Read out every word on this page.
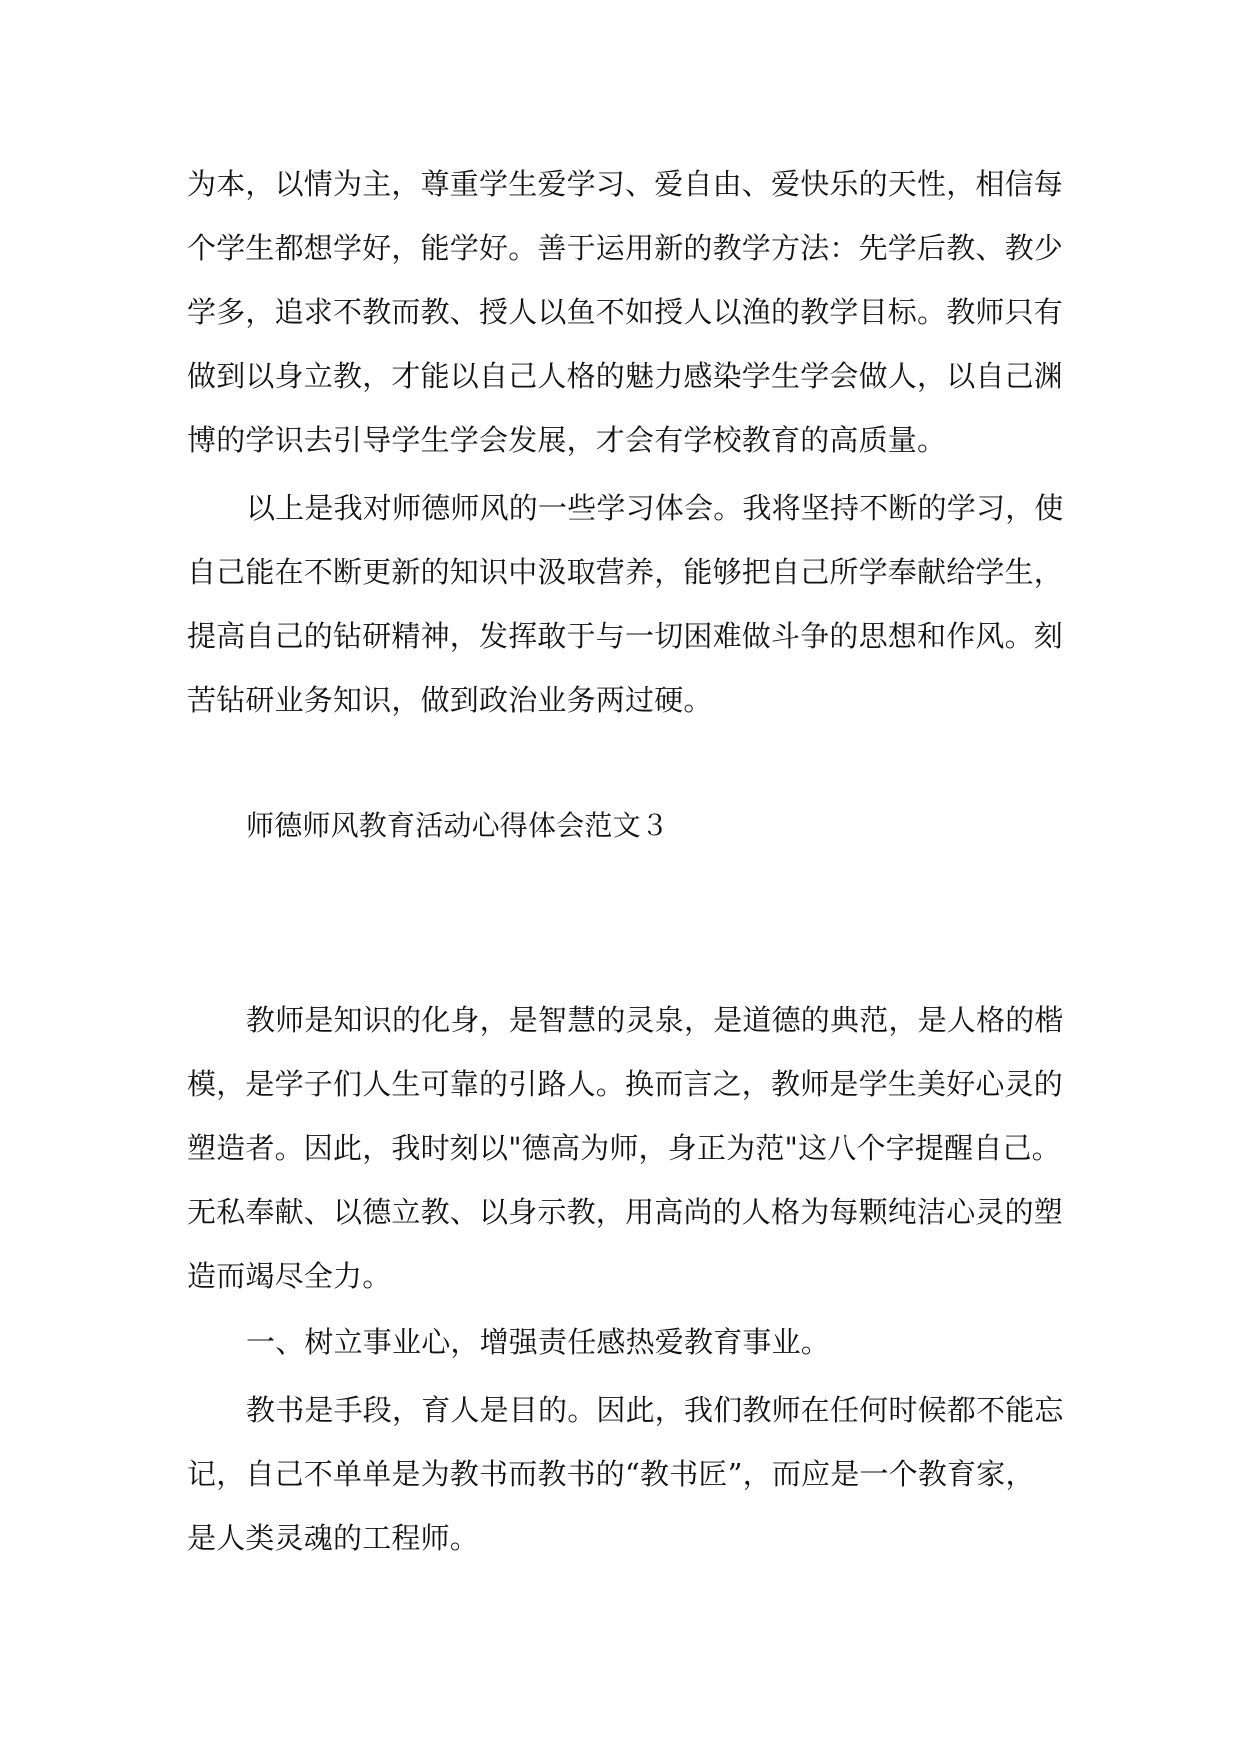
为本，以情为主，尊重学生爱学习、爱自由、爱快乐的天性，相信每
个学生都想学好，能学好。善于运用新的教学方法：先学后教、教少
学多，追求不教而教、授人以鱼不如授人以渔的教学目标。教师只有
做到以身立教，才能以自己人格的魅力感染学生学会做人，以自己渊
博的学识去引导学生学会发展，才会有学校教育的高质量。
以上是我对师德师风的一些学习体会。我将坚持不断的学习，使
自己能在不断更新的知识中汲取营养，能够把自己所学奉献给学生，
提高自己的钻研精神，发挥敢于与一切困难做斗争的思想和作风。刻
苦钻研业务知识，做到政治业务两过硬。
师德师风教育活动心得体会范文３
教师是知识的化身，是智慧的灵泉，是道德的典范，是人格的楷
模，是学子们人生可靠的引路人。换而言之，教师是学生美好心灵的
塑造者。因此，我时刻以"德高为师，身正为范"这八个字提醒自己。
无私奉献、以德立教、以身示教，用高尚的人格为每颗纯洁心灵的塑
造而竭尽全力。
一、树立事业心，增强责任感热爱教育事业。
教书是手段，育人是目的。因此，我们教师在任何时候都不能忘
记，自己不单单是为教书而教书的“教书匠”，而应是一个教育家，
是人类灵魂的工程师。
